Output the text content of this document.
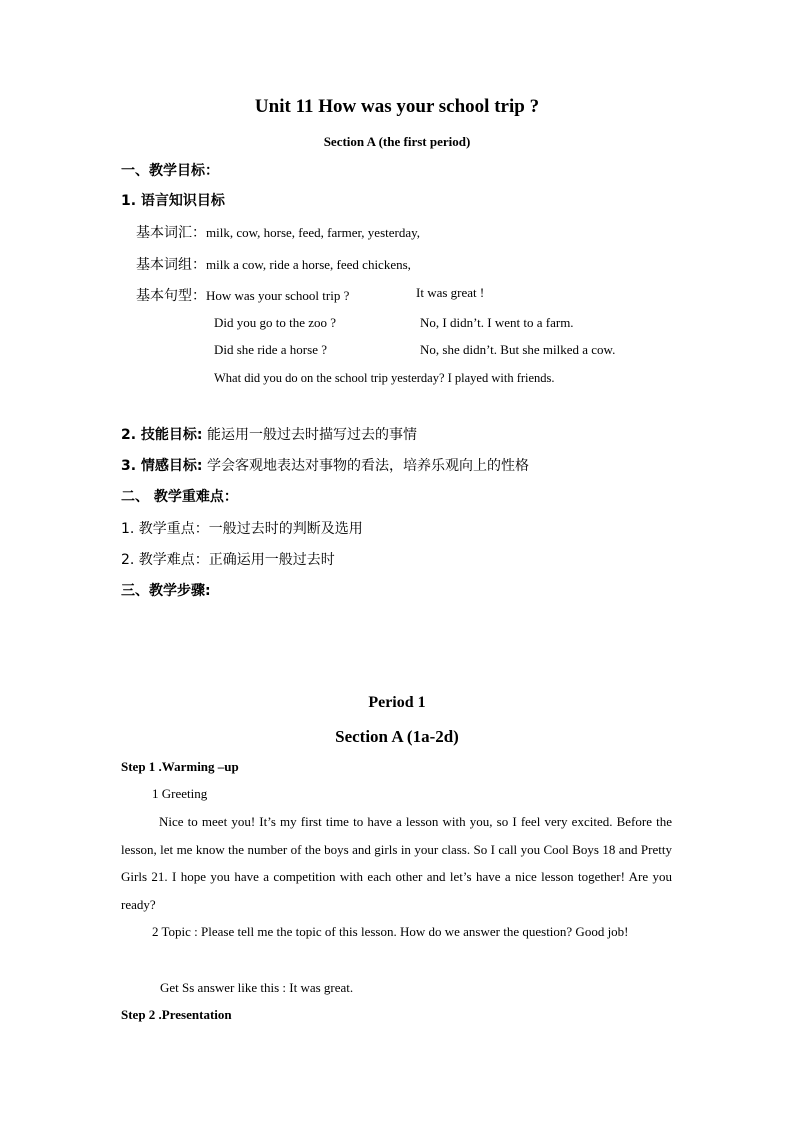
Unit 11 How was your school trip ?
Section A (the first period)
一、教学目标：
1. 语言知识目标
基本词汇：milk, cow, horse, feed, farmer, yesterday,
基本词组：milk a cow, ride a horse, feed chickens,
基本句型：How was your school trip ?	It was great !
Did you go to the zoo ?	No, I didn’t. I went to a farm.
Did she ride a horse ?	No, she didn’t. But she milked a cow.
What did you do on the school trip yesterday? I played with friends.
2. 技能目标: 能运用一般过去时描写过去的事情
3. 情感目标: 学会客观地表达对事物的看法，培养乐观向上的性格
二、 教学重难点：
1. 教学重点：一般过去时的判断及选用
2. 教学难点：正确运用一般过去时
三、教学步骤:
Period 1
Section A (1a-2d)
Step 1 .Warming –up
1 Greeting
Nice to meet you! It’s my first time to have a lesson with you, so I feel very excited. Before the lesson, let me know the number of the boys and girls in your class. So I call you Cool Boys 18 and Pretty Girls 21. I hope you have a competition with each other and let’s have a nice lesson together! Are you ready?
2 Topic : Please tell me the topic of this lesson. How do we answer the question? Good job!
Get Ss answer like this : It was great.
Step 2 .Presentation
